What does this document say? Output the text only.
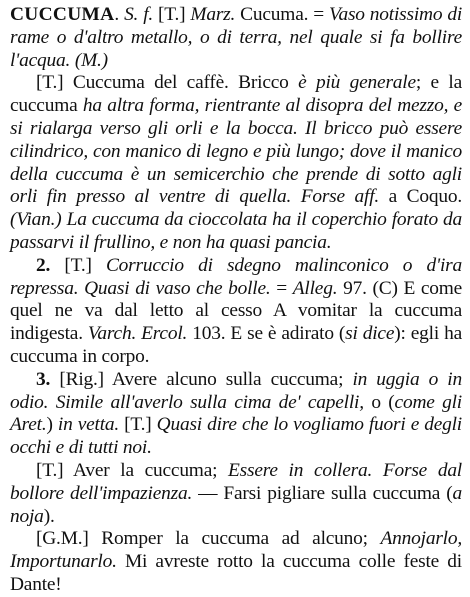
CUCCUMA. S. f. [T.] Marz. Cucuma. = Vaso notissimo di rame o d'altro metallo, o di terra, nel quale si fa bollire l'acqua. (M.)

[T.] Cuccuma del caffè. Bricco è più generale; e la cuccuma ha altra forma, rientrante al disopra del mezzo, e si rialarga verso gli orli e la bocca. Il bricco può essere cilindrico, con manico di legno e più lungo; dove il manico della cuccuma è un semicerchio che prende di sotto agli orli fin presso al ventre di quella. Forse aff. a Coquo. (Vian.) La cuccuma da cioccolata ha il coperchio forato da passarvi il frullino, e non ha quasi pancia.

2. [T.] Corruccio di sdegno malinconico o d'ira repressa. Quasi di vaso che bolle. = Alleg. 97. (C) E come quel ne va dal letto al cesso A vomitar la cuccuma indigesta. Varch. Ercol. 103. E se è adirato (si dice): egli ha cuccuma in corpo.

3. [Rig.] Avere alcuno sulla cuccuma; in uggia o in odio. Simile all'averlo sulla cima de' capelli, o (come gli Aret.) in vetta. [T.] Quasi dire che lo vogliamo fuori e degli occhi e di tutti noi.

[T.] Aver la cuccuma; Essere in collera. Forse dal bollore dell'impazienza. — Farsi pigliare sulla cuccuma (a noja).

[G.M.] Romper la cuccuma ad alcuno; Annojarlo, Importunarlo. Mi avreste rotto la cuccuma colle feste di Dante!
